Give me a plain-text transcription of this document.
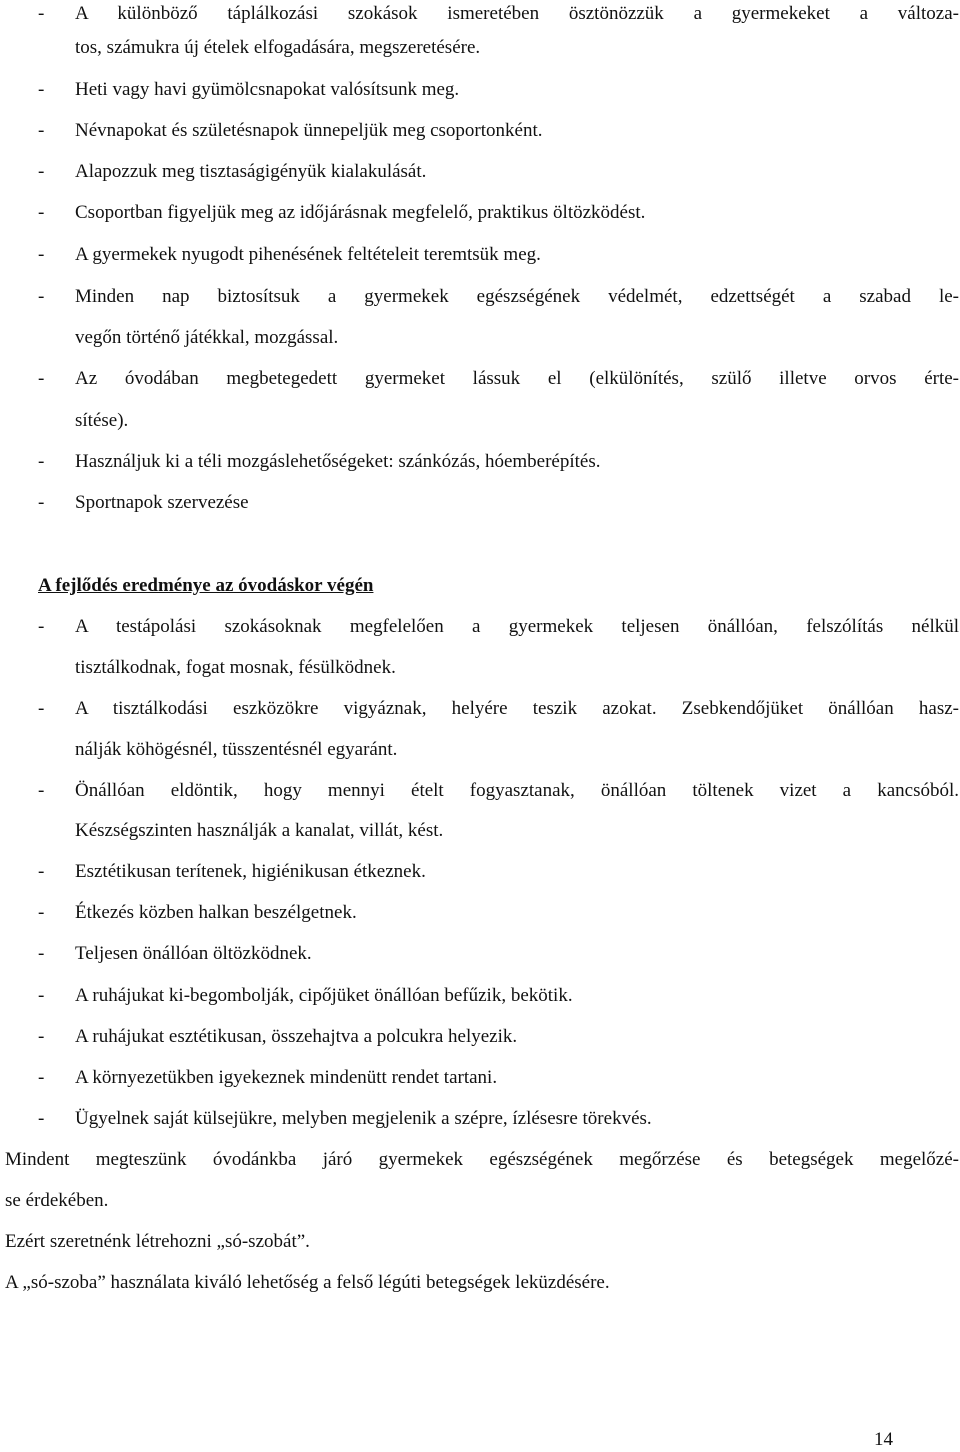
- A különböző táplálkozási szokások ismeretében ösztönözzük a gyermekeket a változa-
tos, számukra új ételek elfogadására, megszeretésére.
- Heti vagy havi gyümölcsnapokat valósítsunk meg.
- Névnapokat és születésnapok ünnepeljük meg csoportonként.
- Alapozzuk meg tisztaságigényük kialakulását.
- Csoportban figyeljük meg az időjárásnak megfelelő, praktikus öltözködést.
- A gyermekek nyugodt pihenésének feltételeit teremtsük meg.
- Minden nap biztosítsuk a gyermekek egészségének védelmét, edzettségét a szabad le-
vegőn történő játékkal, mozgással.
- Az óvodában megbetegedett gyermeket lássuk el (elkülönítés, szülő illetve orvos érte-
sítése).
- Használjuk ki a téli mozgáslehetőségeket: szánkózás, hóemberépítés.
- Sportnapok szervezése
A fejlődés eredménye az óvodáskor végén
- A testápolási szokásoknak megfelelően a gyermekek teljesen önállóan, felszólítás nélkül
tisztálkodnak, fogat mosnak, fésülködnek.
- A tisztálkodási eszközökre vigyáznak, helyére teszik azokat. Zsebkendőjüket önállóan hasz-
nálják köhögésnél, tüsszentésnél egyaránt.
- Önállóan eldöntik, hogy mennyi ételt fogyasztanak, önállóan töltenek vizet a kancsóból.
Készségszinten használják a kanalat, villát, kést.
- Esztétikusan terítenek, higiénikusan étkeznek.
- Étkezés közben halkan beszélgetnek.
- Teljesen önállóan öltözködnek.
- A ruhájukat ki-begombolják, cipőjüket önállóan befűzik, bekötik.
- A ruhájukat esztétikusan, összehajtva a polcukra helyezik.
- A környezetükben igyekeznek mindenütt rendet tartani.
- Ügyelnek saját külsejükre, melyben megjelenik a szépre, ízlésesre törekvés.
Mindent megteszünk óvodánkba járó gyermekek egészségének megőrzése és betegségek megelőzé-
se érdekében.
Ezért szeretnénk létrehozni „só-szobát”.
A „só-szoba” használata kiváló lehetőség a felső légúti betegségek leküzdésére.
14
